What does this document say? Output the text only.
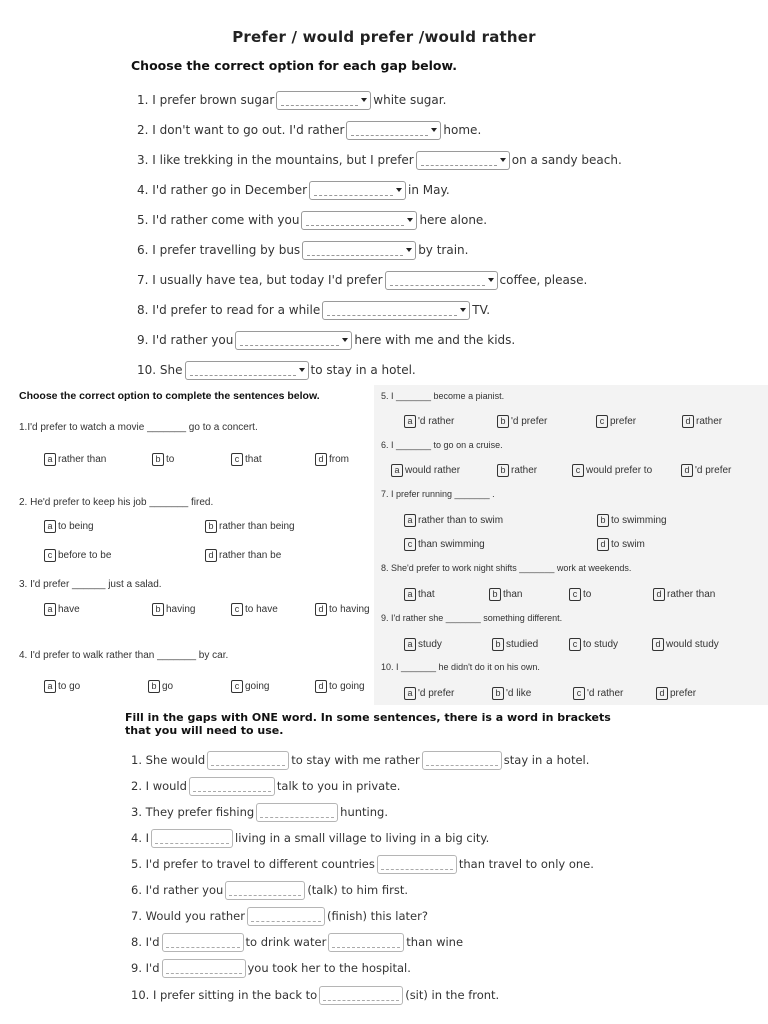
Prefer / would prefer /would rather
Choose the correct option for each gap below.
1.
I prefer brown sugar	white sugar.
2.
I don't want to go out. I'd rather	home.
3.
I like trekking in the mountains, but I prefer	on a sandy beach.
4.
I'd rather go in December	in May.
5.
I'd rather come with you	here alone.
6.
I prefer travelling by bus	by train.
7.
I usually have tea, but today I'd prefer	coffee, please.
8.
I'd prefer to read for a while	TV.
9.
I'd rather you	here with me and the kids.
10.
She	to stay in a hotel.
Choose the correct option to complete the sentences below.
1.I'd prefer to watch a movie _______ go to a concert.
a rather than	b to	c that	d from
2. He'd prefer to keep his job _______ fired.
a to being	b rather than being
c before to be	d rather than be
3. I'd prefer ______ just a salad.
a have	b having	c to have	d to having
4. I'd prefer to walk rather than _______ by car.
a to go	b go	c going	d to going
5. I _______ become a pianist.
a 'd rather	b 'd prefer	c prefer	d rather
6. I _______ to go on a cruise.
a would rather	b rather	c would prefer to	d 'd prefer
7. I prefer running _______ .
a rather than to swim	b to swimming
c than swimming	d to swim
8. She'd prefer to work night shifts _______ work at weekends.
a that	b than	c to	d rather than
9. I'd rather she _______ something different.
a study	b studied	c to study	d would study
10. I _______ he didn't do it on his own.
a 'd prefer	b 'd like	c 'd rather	d prefer
Fill in the gaps with ONE word. In some sentences, there is a word in brackets
that you will need to use.
1.
She would	to stay with me rather	stay in a hotel.
2.
I would	talk to you in private.
3.
They prefer fishing	hunting.
4.
I	living in a small village to living in a big city.
5.
I'd prefer to travel to different countries	than travel to only one.
6.
I'd rather you	(talk) to him first.
7.
Would you rather	(finish) this later?
8.
I'd	to drink water	than wine
9.
I'd	you took her to the hospital.
10.
I prefer sitting in the back to	(sit) in the front.
